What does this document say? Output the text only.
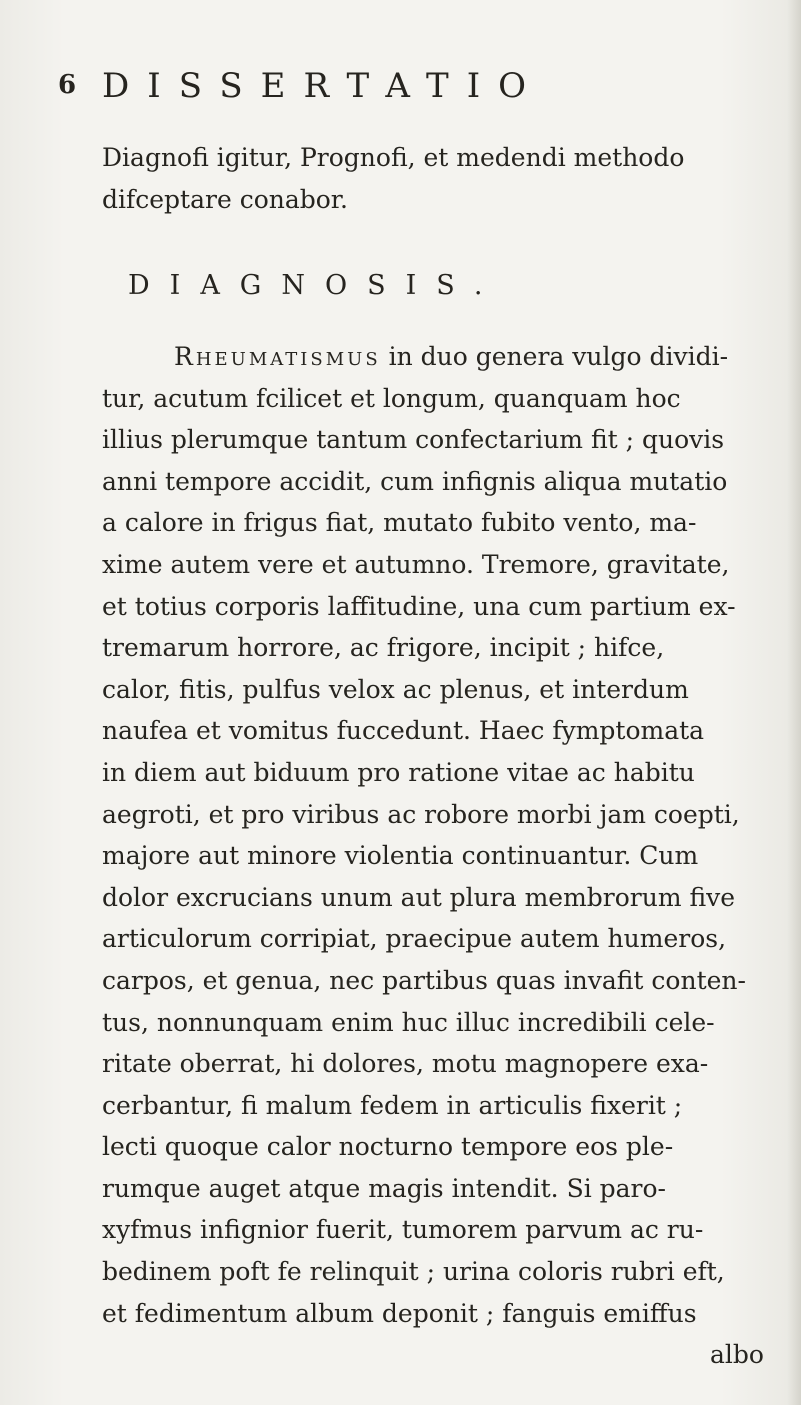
6 DISSERTATIO
Diagnofi igitur, Prognofi, et medendi methodo
difceptare conabor.
DIAGNOSIS.
Rheumatismus in duo genera vulgo dividi-
tur, acutum fcilicet et longum, quanquam hoc
illius plerumque tantum confectarium fit ; quovis
anni tempore accidit, cum infignis aliqua mutatio
a calore in frigus fiat, mutato fubito vento, ma-
xime autem vere et autumno. Tremore, gravitate,
et totius corporis laffitudine, una cum partium ex-
tremarum horrore, ac frigore, incipit ; hifce,
calor, fitis, pulfus velox ac plenus, et interdum
naufea et vomitus fuccedunt. Haec fymptomata
in diem aut biduum pro ratione vitae ac habitu
aegroti, et pro viribus ac robore morbi jam coepti,
majore aut minore violentia continuantur. Cum
dolor excrucians unum aut plura membrorum five
articulorum corripiat, praecipue autem humeros,
carpos, et genua, nec partibus quas invafit conten-
tus, nonnunquam enim huc illuc incredibili cele-
ritate oberrat, hi dolores, motu magnopere exa-
cerbantur, fi malum fedem in articulis fixerit ;
lecti quoque calor nocturno tempore eos ple-
rumque auget atque magis intendit. Si paro-
xyfmus infignior fuerit, tumorem parvum ac ru-
bedinem poft fe relinquit ; urina coloris rubri eft,
et fedimentum album deponit ; fanguis emiffus
albo
